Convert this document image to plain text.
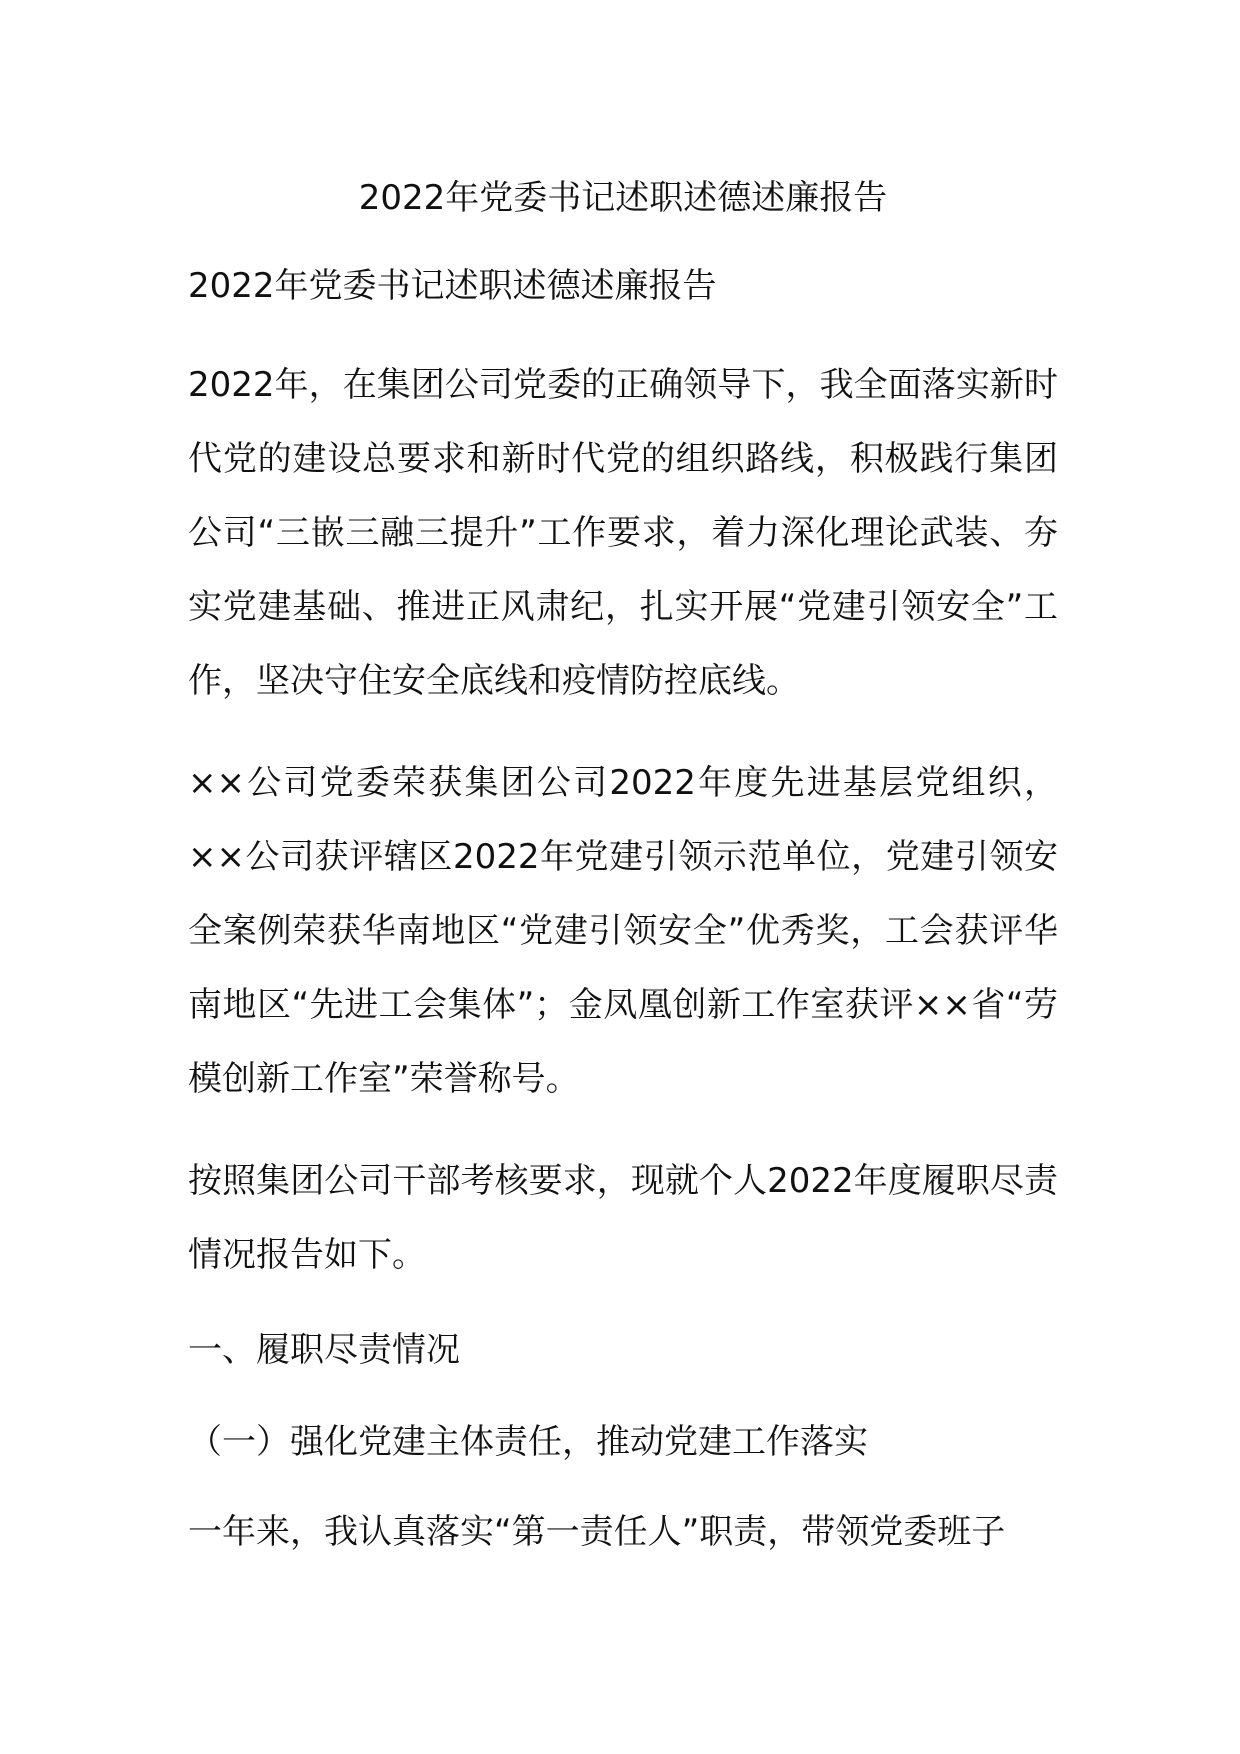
2022年党委书记述职述德述廉报告

2022年党委书记述职述德述廉报告

2022年，在集团公司党委的正确领导下，我全面落实新时代党的建设总要求和新时代党的组织路线，积极践行集团公司“三嵌三融三提升”工作要求，着力深化理论武装、夯实党建基础、推进正风肃纪，扎实开展“党建引领安全”工作，坚决守住安全底线和疫情防控底线。

××公司党委荣获集团公司2022年度先进基层党组织，××公司获评辖区2022年党建引领示范单位，党建引领安全案例荣获华南地区“党建引领安全”优秀奖，工会获评华南地区“先进工会集体”；金凤凰创新工作室获评××省“劳模创新工作室”荣誉称号。

按照集团公司干部考核要求，现就个人2022年度履职尽责情况报告如下。

一、履职尽责情况

（一）强化党建主体责任，推动党建工作落实

一年来，我认真落实“第一责任人”职责，带领党委班子
